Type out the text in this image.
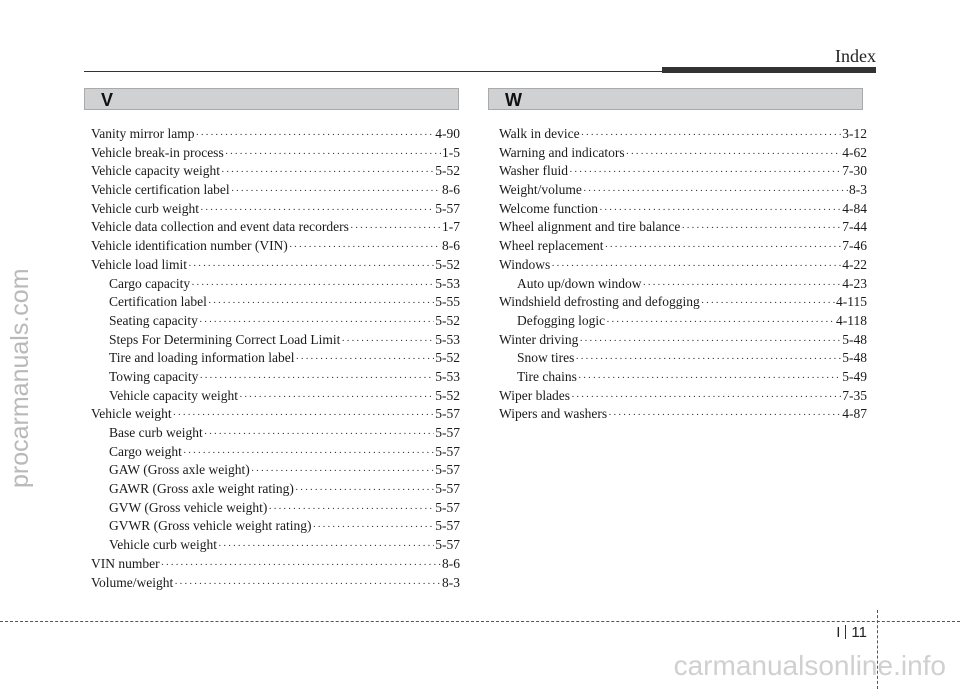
Index
V	W
Vanity mirror lamp ·····	4-90
Vehicle break-in process ·····	1-5
Vehicle capacity weight ·····	5-52
Vehicle certification label ·····	8-6
Vehicle curb weight ·····	5-57
Vehicle data collection and event data recorders ·····	1-7
Vehicle identification number (VIN) ·····	8-6
Vehicle load limit ·····	5-52
Cargo capacity ·····	5-53
Certification label ·····	5-55
Seating capacity ·····	5-52
Steps For Determining Correct Load Limit ·····	5-53
Tire and loading information label ·····	5-52
Towing capacity ·····	5-53
Vehicle capacity weight ·····	5-52
Vehicle weight ·····	5-57
Base curb weight ·····	5-57
Cargo weight ·····	5-57
GAW (Gross axle weight) ·····	5-57
GAWR (Gross axle weight rating) ·····	5-57
GVW (Gross vehicle weight) ·····	5-57
GVWR (Gross vehicle weight rating) ·····	5-57
Vehicle curb weight ·····	5-57
VIN number ·····	8-6
Volume/weight ·····	8-3
Walk in device ·····	3-12
Warning and indicators ·····	4-62
Washer fluid ·····	7-30
Weight/volume ·····	8-3
Welcome function ·····	4-84
Wheel alignment and tire balance ·····	7-44
Wheel replacement ·····	7-46
Windows ·····	4-22
Auto up/down window ·····	4-23
Windshield defrosting and defogging ·····	4-115
Defogging logic ·····	4-118
Winter driving ·····	5-48
Snow tires ·····	5-48
Tire chains ·····	5-49
Wiper blades ·····	7-35
Wipers and washers ·····	4-87
I 11
procarmanuals.com
carmanualsonline.info
